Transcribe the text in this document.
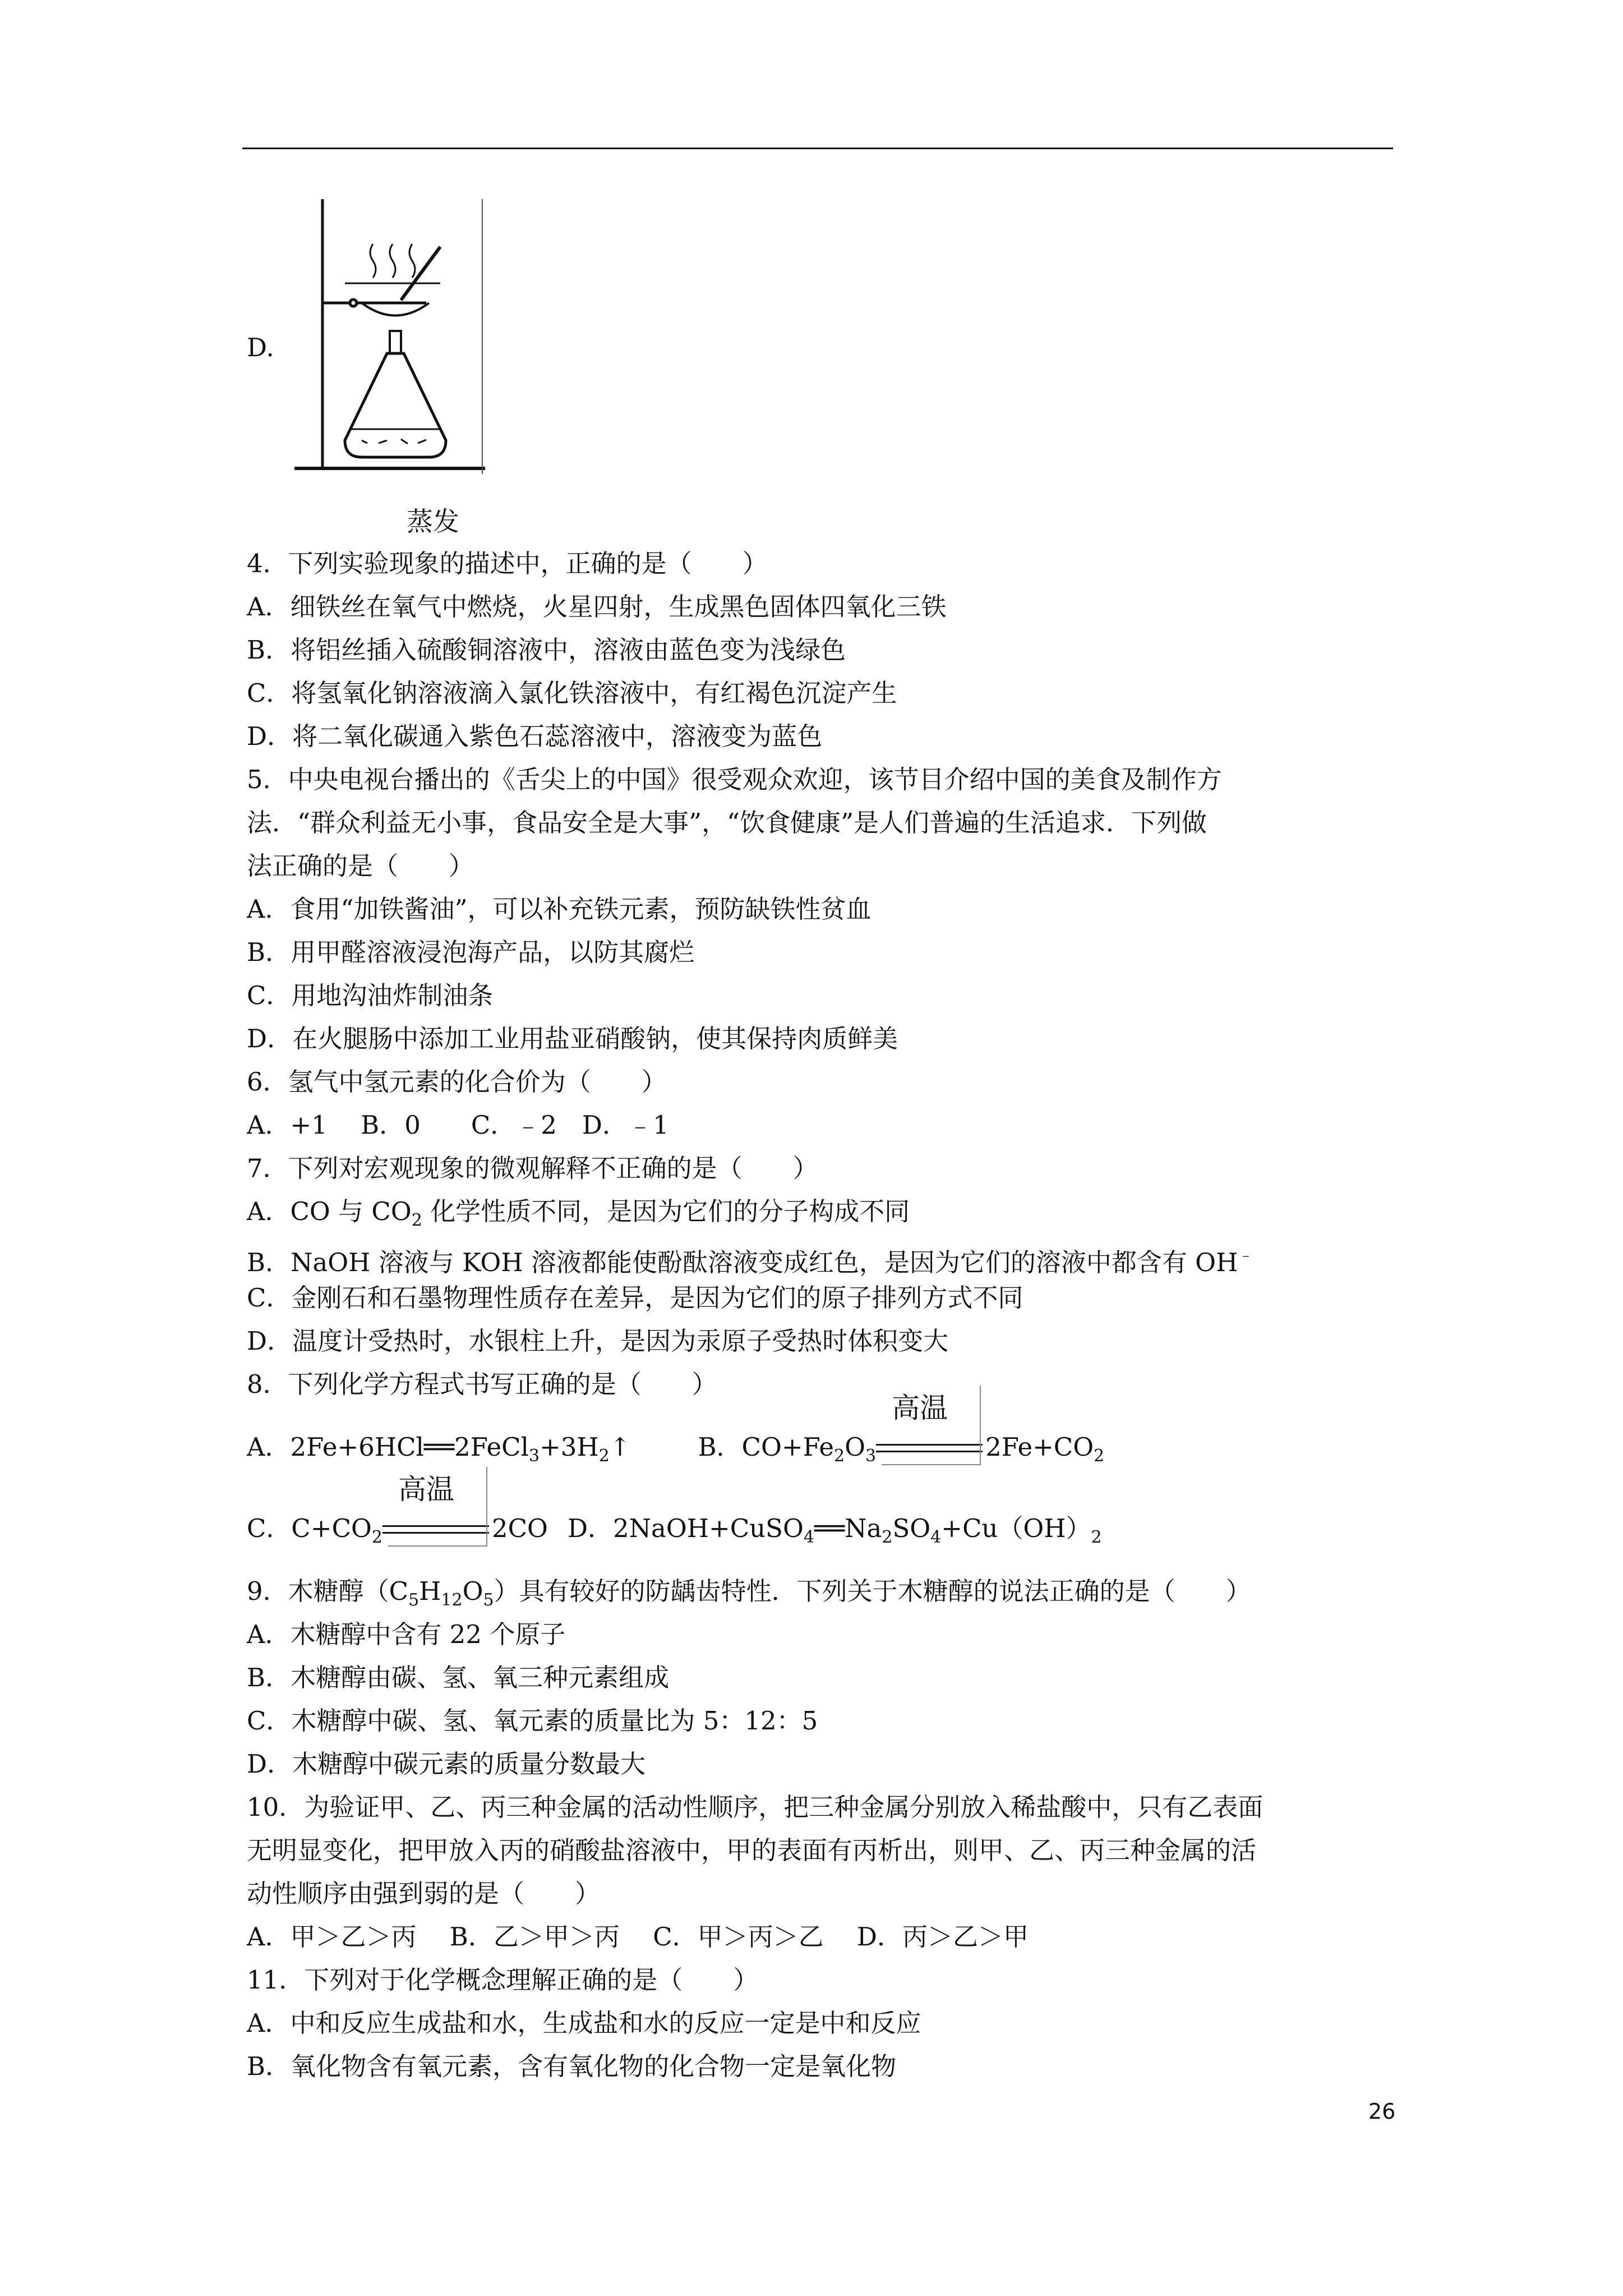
D.
蒸发
4．下列实验现象的描述中，正确的是（　　）
A．细铁丝在氧气中燃烧，火星四射，生成黑色固体四氧化三铁
B．将铝丝插入硫酸铜溶液中，溶液由蓝色变为浅绿色
C．将氢氧化钠溶液滴入氯化铁溶液中，有红褐色沉淀产生
D．将二氧化碳通入紫色石蕊溶液中，溶液变为蓝色
5．中央电视台播出的《舌尖上的中国》很受观众欢迎，该节目介绍中国的美食及制作方
法．“群众利益无小事，食品安全是大事”，“饮食健康”是人们普遍的生活追求．下列做
法正确的是（　　）
A．食用“加铁酱油”，可以补充铁元素，预防缺铁性贫血
B．用甲醛溶液浸泡海产品，以防其腐烂
C．用地沟油炸制油条
D．在火腿肠中添加工业用盐亚硝酸钠，使其保持肉质鲜美
6．氢气中氢元素的化合价为（　　）
A．+1　 B．0　　C．﹣2　D．﹣1
7．下列对宏观现象的微观解释不正确的是（　　）
A．CO 与 $CO_2$ 化学性质不同，是因为它们的分子构成不同
B．NaOH 溶液与 KOH 溶液都能使酚酞溶液变成红色，是因为它们的溶液中都含有 OH﹣
C．金刚石和石墨物理性质存在差异，是因为它们的原子排列方式不同
D．温度计受热时，水银柱上升，是因为汞原子受热时体积变大
8．下列化学方程式书写正确的是（　　）
A．$2Fe+6HCl══2FeCl_3+3H_2↑$	B．$CO+Fe_2O_3$
高温
$2Fe+CO_2$
C．$C+CO_2$
高温
2CO D．$2NaOH+CuSO_4══Na_2SO_4+Cu(OH)_2$
9．木糖醇$(C_5H_{12}O_5)$具有较好的防龋齿特性．下列关于木糖醇的说法正确的是（　　）
A．木糖醇中含有 22 个原子
B．木糖醇由碳、氢、氧三种元素组成
C．木糖醇中碳、氢、氧元素的质量比为 5：12：5
D．木糖醇中碳元素的质量分数最大
10．为验证甲、乙、丙三种金属的活动性顺序，把三种金属分别放入稀盐酸中，只有乙表面
无明显变化，把甲放入丙的硝酸盐溶液中，甲的表面有丙析出，则甲、乙、丙三种金属的活
动性顺序由强到弱的是（　　）
A．甲＞乙＞丙　 B．乙＞甲＞丙　 C．甲＞丙＞乙　 D．丙＞乙＞甲
11．下列对于化学概念理解正确的是（　　）
A．中和反应生成盐和水，生成盐和水的反应一定是中和反应
B．氧化物含有氧元素，含有氧化物的化合物一定是氧化物
26
